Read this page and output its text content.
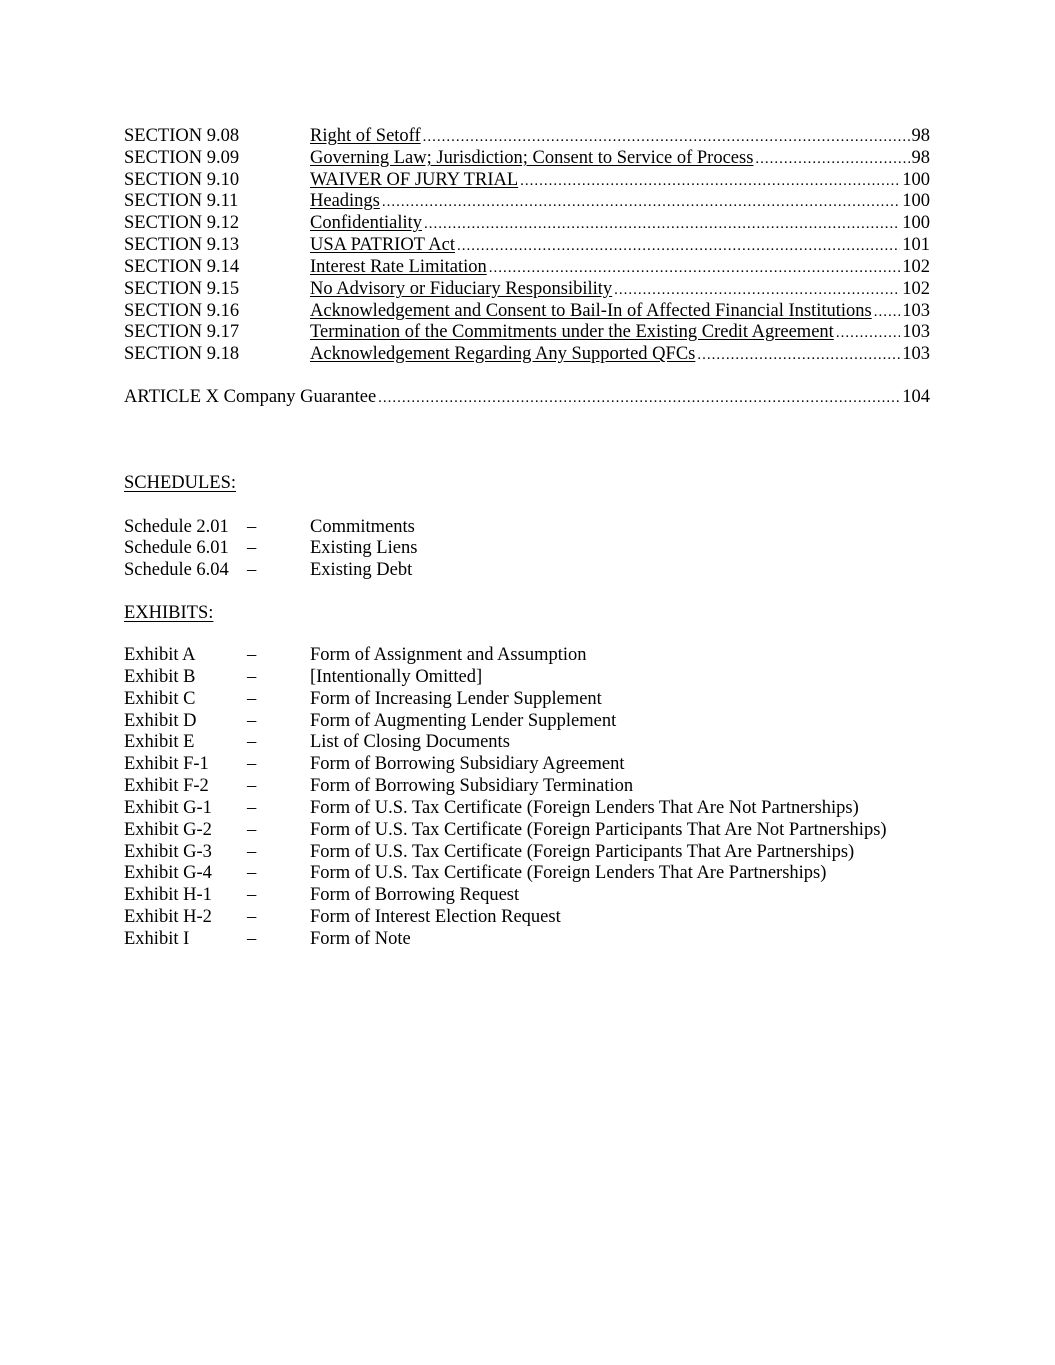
SECTION 9.08	Right of Setoff .....	98
SECTION 9.09	Governing Law; Jurisdiction; Consent to Service of Process .....	98
SECTION 9.10	WAIVER OF JURY TRIAL .....	100
SECTION 9.11	Headings .....	100
SECTION 9.12	Confidentiality .....	100
SECTION 9.13	USA PATRIOT Act .....	101
SECTION 9.14	Interest Rate Limitation .....	102
SECTION 9.15	No Advisory or Fiduciary Responsibility .....	102
SECTION 9.16	Acknowledgement and Consent to Bail-In of Affected Financial Institutions ..... 103
SECTION 9.17	Termination of the Commitments under the Existing Credit Agreement .....	103
SECTION 9.18	Acknowledgement Regarding Any Supported QFCs .....	103
ARTICLE X Company Guarantee .....	104
SCHEDULES:
Schedule 2.01 –	Commitments
Schedule 6.01 –	Existing Liens
Schedule 6.04 –	Existing Debt
EXHIBITS:
Exhibit A	–	Form of Assignment and Assumption
Exhibit B	–	[Intentionally Omitted]
Exhibit C	–	Form of Increasing Lender Supplement
Exhibit D	–	Form of Augmenting Lender Supplement
Exhibit E	–	List of Closing Documents
Exhibit F-1 –	Form of Borrowing Subsidiary Agreement
Exhibit F-2 –	Form of Borrowing Subsidiary Termination
Exhibit G-1 –	Form of U.S. Tax Certificate (Foreign Lenders That Are Not Partnerships)
Exhibit G-2 –	Form of U.S. Tax Certificate (Foreign Participants That Are Not Partnerships)
Exhibit G-3 –	Form of U.S. Tax Certificate (Foreign Participants That Are Partnerships)
Exhibit G-4 –	Form of U.S. Tax Certificate (Foreign Lenders That Are Partnerships)
Exhibit H-1 –	Form of Borrowing Request
Exhibit H-2 –	Form of Interest Election Request
Exhibit I	–	Form of Note
